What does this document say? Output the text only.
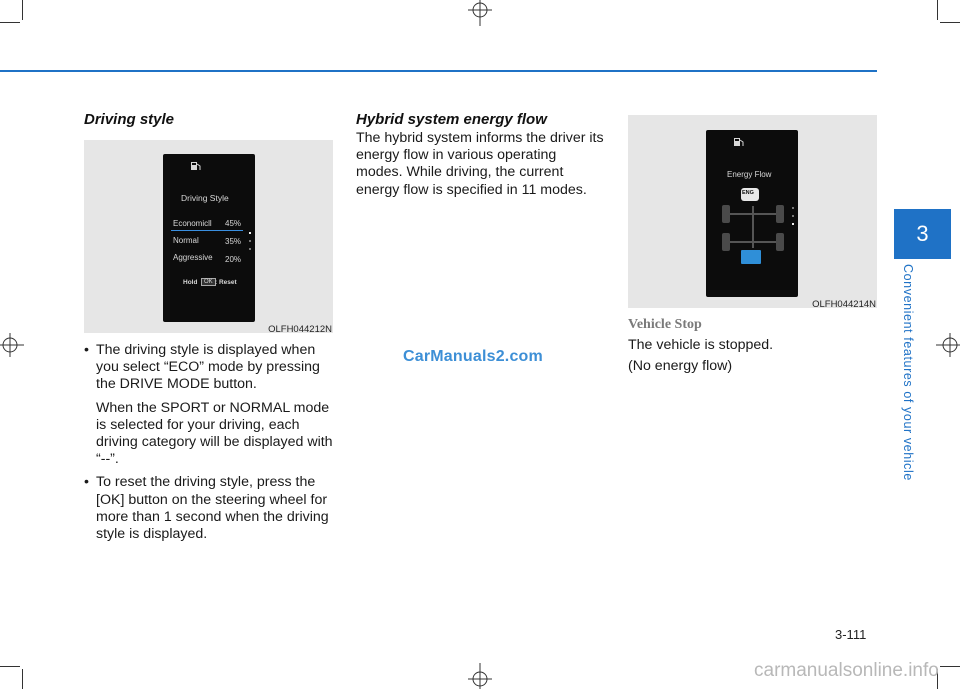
Driving style
Driving Style
Economicll 45%
Normal	35%
Aggressive 20%
Hold	OK : Reset
OLFH044212N
• The driving style is displayed when you select “ECO” mode by pressing the DRIVE MODE button.

When the SPORT or NORMAL mode is selected for your driving, each driving category will be displayed with “--”.

• To reset the driving style, press the [OK] button on the steering wheel for more than 1 second when the driving style is displayed.

Hybrid system energy flow
The hybrid system informs the driver its energy flow in various operating modes. While driving, the current energy flow is specified in 11 modes.
CarManuals2.com
Energy Flow
ENG
OLFH044214N
Vehicle Stop
The vehicle is stopped.
(No energy flow)
3
Convenient features of your vehicle
3-111
carmanualsonline.info
